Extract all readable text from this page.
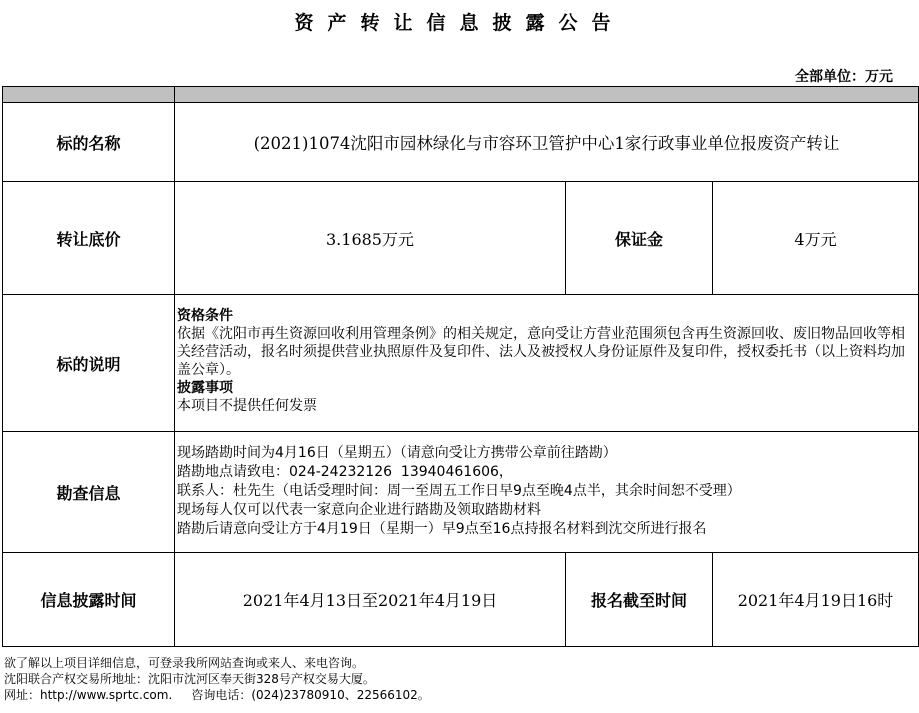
资产转让信息披露公告
全部单位：万元

标的名称	(2021)1074沈阳市园林绿化与市容环卫管护中心1家行政事业单位报废资产转让		
转让底价	3.1685万元	保证金	4万元
标的说明	资格条件
依据《沈阳市再生资源回收利用管理条例》的相关规定，意向受让方营业范围须包含再生资源回收、废旧物品回收等相关经营活动，报名时须提供营业执照原件及复印件、法人及被授权人身份证原件及复印件，授权委托书（以上资料均加盖公章）。
披露事项
本项目不提供任何发票		

勘查信息	现场踏勘时间为4月16日（星期五）（请意向受让方携带公章前往踏勘）
踏勘地点请致电：024-24232126  13940461606，
联系人：杜先生（电话受理时间：周一至周五工作日早9点至晚4点半，其余时间恕不受理）
现场每人仅可以代表一家意向企业进行踏勘及领取踏勘材料
踏勘后请意向受让方于4月19日（星期一）早9点至16点持报名材料到沈交所进行报名		

信息披露时间	2021年4月13日至2021年4月19日	报名截至时间	2021年4月19日16时
欲了解以上项目详细信息，可登录我所网站查询或来人、来电咨询。
沈阳联合产权交易所地址：沈阳市沈河区奉天街328号产权交易大厦。
网址：http://www.sprtc.com.     咨询电话：(024)23780910、22566102。
